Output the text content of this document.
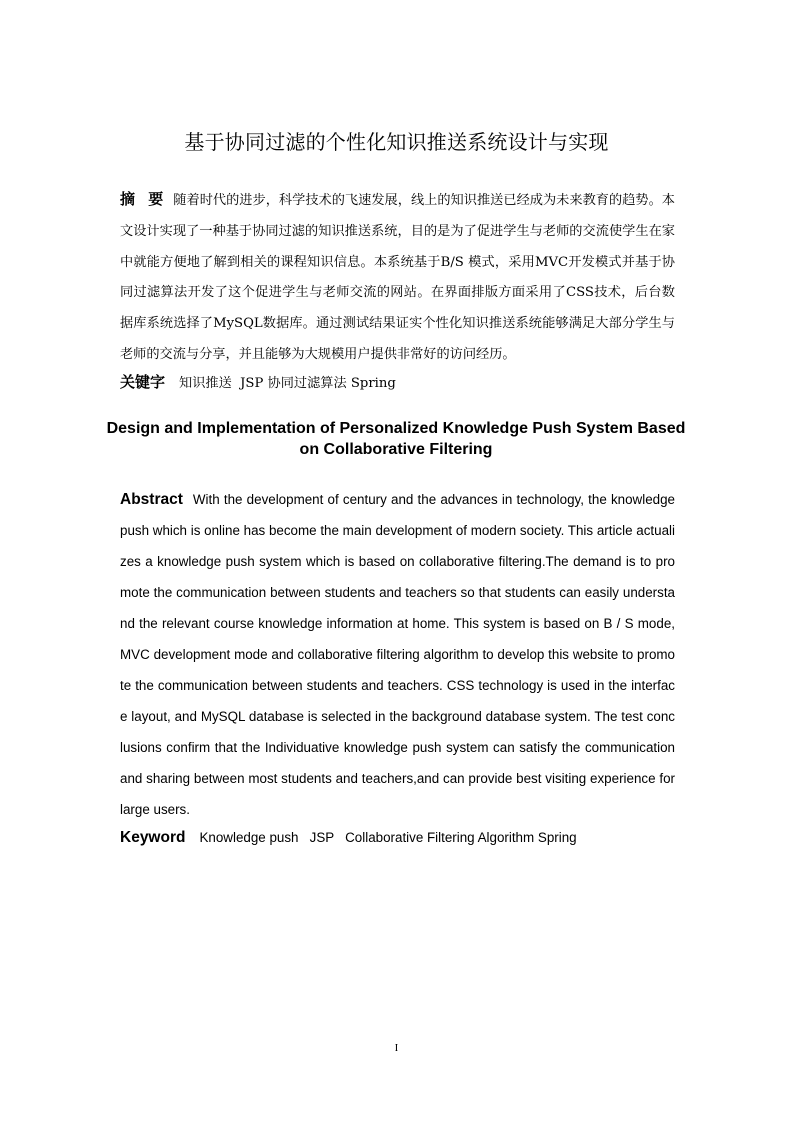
基于协同过滤的个性化知识推送系统设计与实现

摘 要 随着时代的进步，科学技术的飞速发展，线上的知识推送已经成为未来教育的趋势。本文设计实现了一种基于协同过滤的知识推送系统，目的是为了促进学生与老师的交流使学生在家中就能方便地了解到相关的课程知识信息。本系统基于B/S 模式，采用MVC开发模式并基于协同过滤算法开发了这个促进学生与老师交流的网站。在界面排版方面采用了CSS技术，后台数据库系统选择了MySQL数据库。通过测试结果证实个性化知识推送系统能够满足大部分学生与老师的交流与分享，并且能够为大规模用户提供非常好的访问经历。

关键字 知识推送  JSP 协同过滤算法 Spring

Design and Implementation of Personalized Knowledge Push System Based on Collaborative Filtering

Abstract With the development of century and the advances in technology, the knowledge push which is online has become the main development of modern society. This article actualizes a knowledge push system which is based on collaborative filtering.The demand is to promote the communication between students and teachers so that students can easily understand the relevant course knowledge information at home. This system is based on B / S mode, MVC development mode and collaborative filtering algorithm to develop this website to promote the communication between students and teachers. CSS technology is used in the interface layout, and MySQL database is selected in the background database system. The test conclusions confirm that the Individuative knowledge push system can satisfy the communication and sharing between most students and teachers,and can provide best visiting experience for large users.

Keyword Knowledge push   JSP   Collaborative Filtering Algorithm Spring

I
